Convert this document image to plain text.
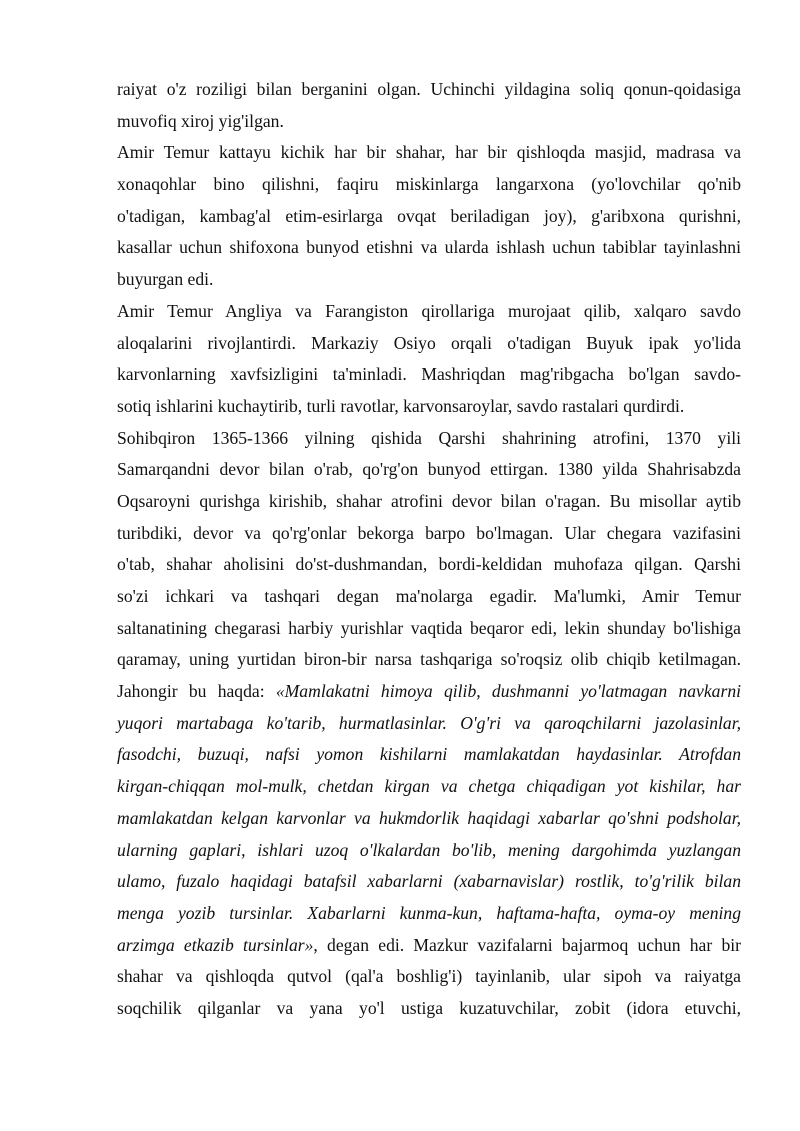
raiyat o'z roziligi bilan berganini olgan. Uchinchi yildagina soliq qonun-qoidasiga
muvofiq xiroj yig'ilgan.
Amir Temur kattayu kichik har bir shahar, har bir qishloqda masjid, madrasa va
xonaqohlar bino qilishni, faqiru miskinlarga langarxona (yo'lovchilar qo'nib
o'tadigan, kambag'al etim-esirlarga ovqat beriladigan joy), g'aribxona qurishni,
kasallar uchun shifoxona bunyod etishni va ularda ishlash uchun tabiblar tayinlashni
buyurgan edi.
Amir Temur Angliya va Farangiston qirollariga murojaat qilib, xalqaro savdo
aloqalarini rivojlantirdi. Markaziy Osiyo orqali o'tadigan Buyuk ipak yo'lida
karvonlarning xavfsizligini ta'minladi. Mashriqdan mag'ribgacha bo'lgan savdo-
sotiq ishlarini kuchaytirib, turli ravotlar, karvonsaroylar, savdo rastalari qurdirdi.
Sohibqiron 1365-1366 yilning qishida Qarshi shahrining atrofini, 1370 yili
Samarqandni devor bilan o'rab, qo'rg'on bunyod ettirgan. 1380 yilda Shahrisabzda
Oqsaroyni qurishga kirishib, shahar atrofini devor bilan o'ragan. Bu misollar aytib
turibdiki, devor va qo'rg'onlar bekorga barpo bo'lmagan. Ular chegara vazifasini
o'tab, shahar aholisini do'st-dushmandan, bordi-keldidan muhofaza qilgan. Qarshi
so'zi ichkari va tashqari degan ma'nolarga egadir. Ma'lumki, Amir Temur
saltanatining chegarasi harbiy yurishlar vaqtida beqaror edi, lekin shunday bo'lishiga
qaramay, uning yurtidan biron-bir narsa tashqariga so'roqsiz olib chiqib ketilmagan.
Jahongir bu haqda: «Mamlakatni himoya qilib, dushmanni yo'latmagan navkarni
yuqori martabaga ko'tarib, hurmatlasinlar. O'g'ri va qaroqchilarni jazolasinlar,
fasodchi, buzuqi, nafsi yomon kishilarni mamlakatdan haydasinlar. Atrofdan
kirgan-chiqqan mol-mulk, chetdan kirgan va chetga chiqadigan yot kishilar, har
mamlakatdan kelgan karvonlar va hukmdorlik haqidagi xabarlar qo'shni podsholar,
ularning gaplari, ishlari uzoq o'lkalardan bo'lib, mening dargohimda yuzlangan
ulamo, fuzalo haqidagi batafsil xabarlarni (xabarnavislar) rostlik, to'g'rilik bilan
menga yozib tursinlar. Xabarlarni kunma-kun, haftama-hafta, oyma-oy mening
arzimga etkazib tursinlar», degan edi. Mazkur vazifalarni bajarmoq uchun har bir
shahar va qishloqda qutvol (qal'a boshlig'i) tayinlanib, ular sipoh va raiyatga
soqchilik qilganlar va yana yo'l ustiga kuzatuvchilar, zobit (idora etuvchi,
